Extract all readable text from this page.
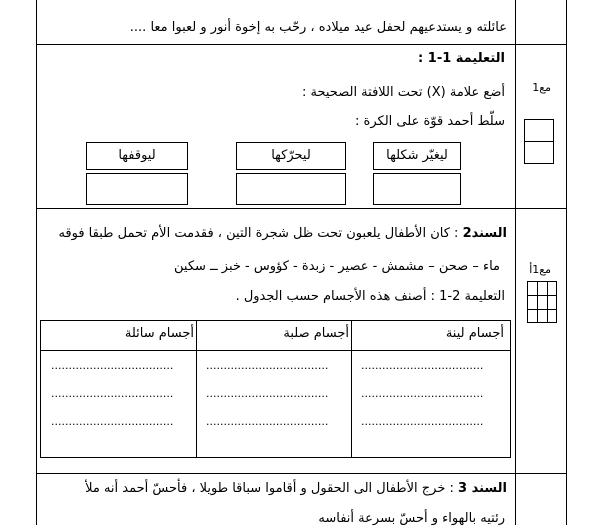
عائلته و يستدعيهم لحفل عيد ميلاده ، رحّب به إخوة أنور و لعبوا معا ....
التعليمة 1-1 :
أضع علامة (X) تحت اللافتة الصحيحة :
سلّط أحمد قوّة على الكرة :
ليغيّر شكلها
ليحرّكها
ليوقفها
مع1
السند2 : كان الأطفال يلعبون تحت ظل شجرة التين ، فقدمت الأم تحمل طبقا فوقه
ماء – صحن – مشمش - عصير - زبدة - كؤوس - خبز ــ سكين
التعليمة 2-1 : أصنف هذه الأجسام حسب الجدول .
أجسام لينة
أجسام صلبة
أجسام سائلة
...................................
...................................
...................................
...................................
...................................
...................................
...................................
...................................
...................................
مع1أ
السند 3 : خرج الأطفال الى الحقول و أقاموا سباقا طويلا ، فأحسّ أحمد أنه ملأ
رئتيه بالهواء و أحسّ بسرعة أنفاسه
